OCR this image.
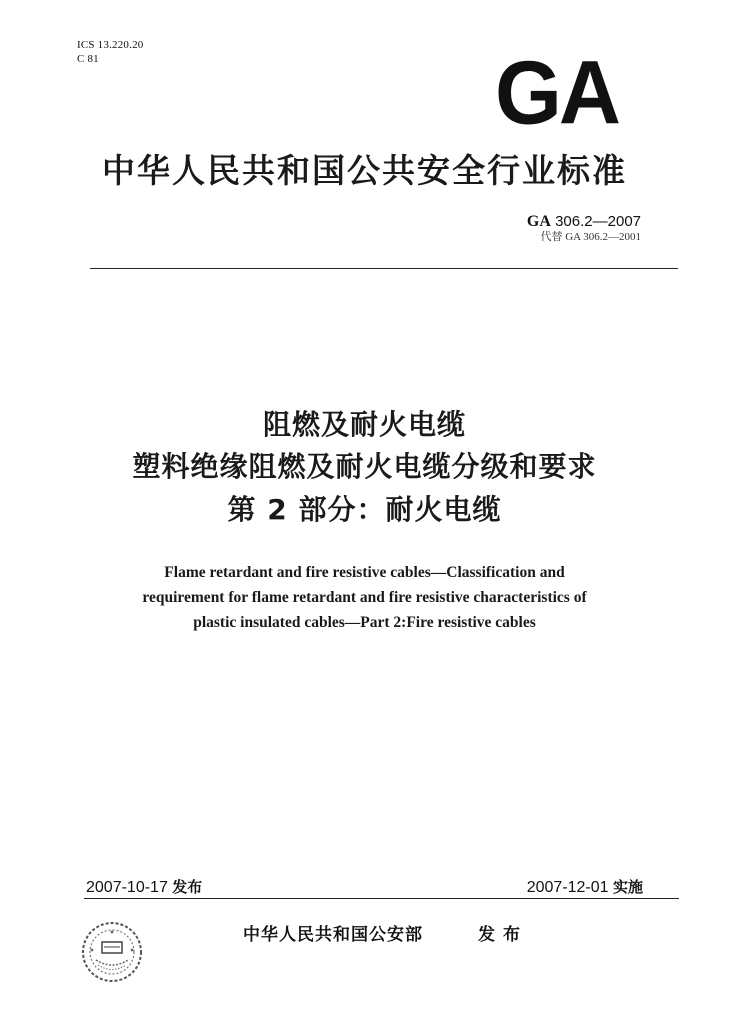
ICS 13.220.20
C 81	GA
中华人民共和国公共安全行业标准
GA 306.2—2007
代替 GA 306.2—2001
阻燃及耐火电缆
塑料绝缘阻燃及耐火电缆分级和要求
第 2 部分：耐火电缆
Flame retardant and fire resistive cables—Classification and
requirement for flame retardant and fire resistive characteristics of
plastic insulated cables—Part 2:Fire resistive cables
2007-10-17 发布	2007-12-01 实施
中华人民共和国公安部	发布
